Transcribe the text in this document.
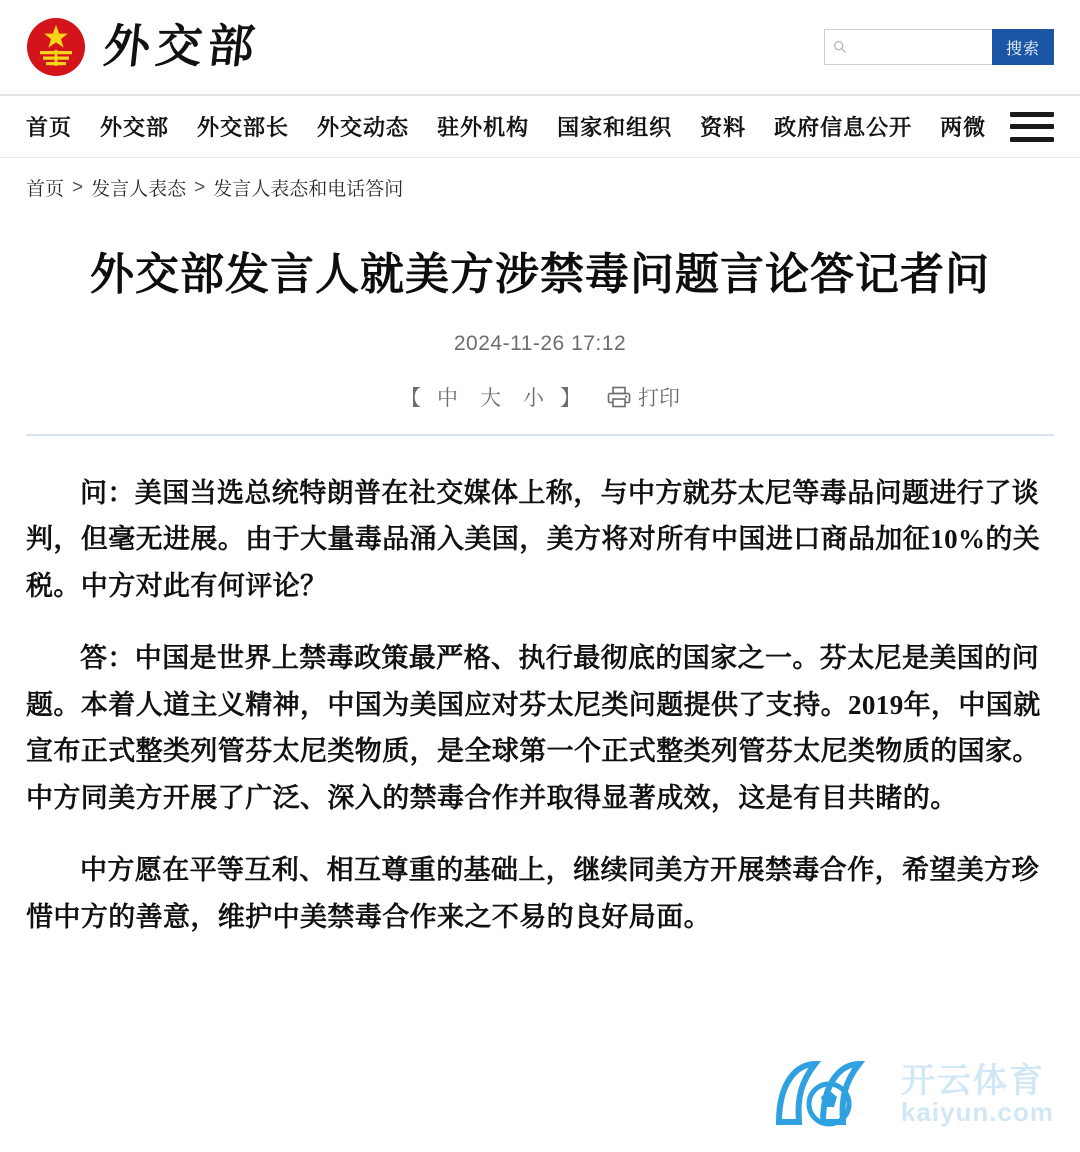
外交部	搜索
首页 外交部 外交部长 外交动态 驻外机构 国家和组织 资料 政府信息公开 两微
首页 > 发言人表态 > 发言人表态和电话答问
外交部发言人就美方涉禁毒问题言论答记者问
2024-11-26 17:12
【 中 大 小 】	打印

问：美国当选总统特朗普在社交媒体上称，与中方就芬太尼等毒品问题进行了谈判，但毫无进展。由于大量毒品涌入美国，美方将对所有中国进口商品加征10%的关税。中方对此有何评论？

答：中国是世界上禁毒政策最严格、执行最彻底的国家之一。芬太尼是美国的问题。本着人道主义精神，中国为美国应对芬太尼类问题提供了支持。2019年，中国就宣布正式整类列管芬太尼类物质，是全球第一个正式整类列管芬太尼类物质的国家。中方同美方开展了广泛、深入的禁毒合作并取得显著成效，这是有目共睹的。

中方愿在平等互利、相互尊重的基础上，继续同美方开展禁毒合作，希望美方珍惜中方的善意，维护中美禁毒合作来之不易的良好局面。

开云体育
kaiyun.com
